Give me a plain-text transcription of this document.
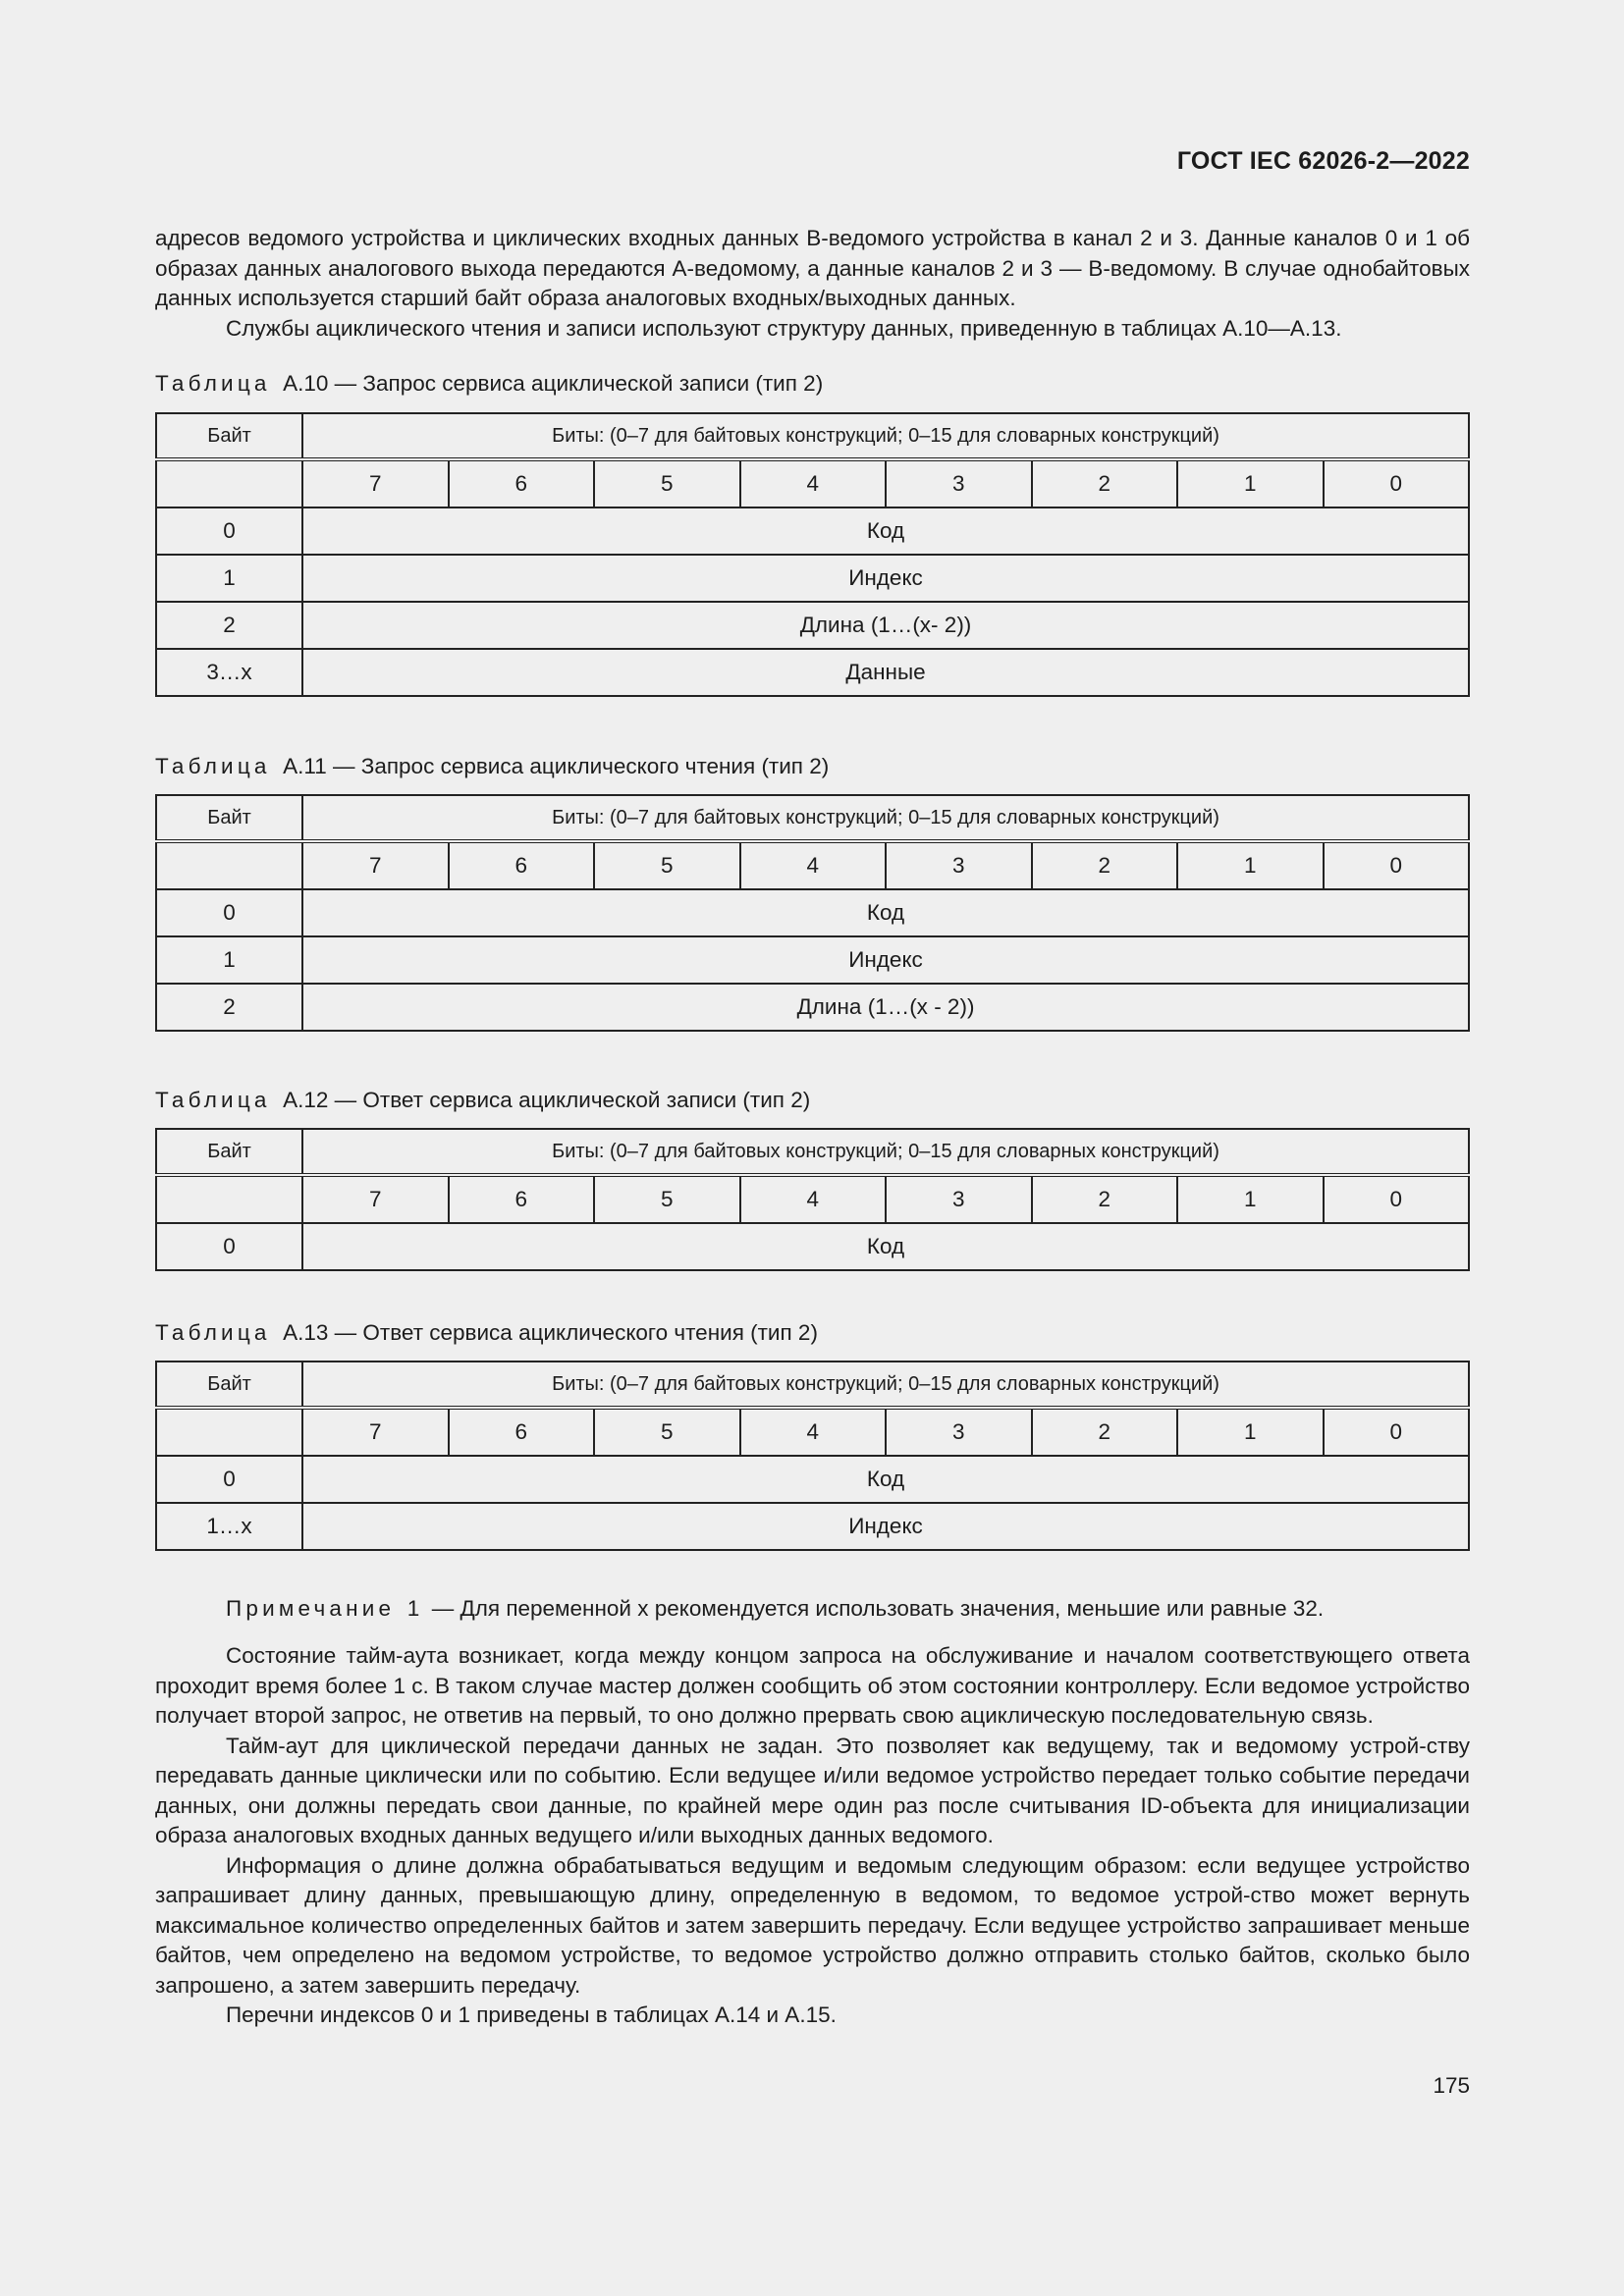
ГОСТ IEC 62026-2—2022

адресов ведомого устройства и циклических входных данных В-ведомого устройства в канал 2 и 3. Данные каналов 0 и 1 об образах данных аналогового выхода передаются А-ведомому, а данные каналов 2 и 3 — В-ведомому. В случае однобайтовых данных используется старший байт образа аналоговых входных/выходных данных.

Службы ациклического чтения и записи используют структуру данных, приведенную в таблицах А.10—А.13.

Таблица А.10 — Запрос сервиса ациклической записи (тип 2)
Байт	Биты: (0–7 для байтовых конструкций; 0–15 для словарных конструкций)							
	7	6	5	4	3	2	1	0
0	Код							
1	Индекс							
2	Длина (1…(х- 2))							
3…x	Данные							
Таблица А.11 — Запрос сервиса ациклического чтения (тип 2)
Байт	Биты: (0–7 для байтовых конструкций; 0–15 для словарных конструкций)							
	7	6	5	4	3	2	1	0
0	Код							
1	Индекс							
2	Длина (1…(х - 2))							
Таблица А.12 — Ответ сервиса ациклической записи (тип 2)
Байт	Биты: (0–7 для байтовых конструкций; 0–15 для словарных конструкций)							
	7	6	5	4	3	2	1	0
0	Код							
Таблица А.13 — Ответ сервиса ациклического чтения (тип 2)
Байт	Биты: (0–7 для байтовых конструкций; 0–15 для словарных конструкций)							
	7	6	5	4	3	2	1	0
0	Код							
1…x	Индекс							

Примечание 1 — Для переменной х рекомендуется использовать значения, меньшие или равные 32.

Состояние тайм-аута возникает, когда между концом запроса на обслуживание и началом соответствующего ответа проходит время более 1 с. В таком случае мастер должен сообщить об этом состоянии контроллеру. Если ведомое устройство получает второй запрос, не ответив на первый, то оно должно прервать свою ациклическую последовательную связь.

Тайм-аут для циклической передачи данных не задан. Это позволяет как ведущему, так и ведомому устрой-ству передавать данные циклически или по событию. Если ведущее и/или ведомое устройство передает только событие передачи данных, они должны передать свои данные, по крайней мере один раз после считывания ID-объекта для инициализации образа аналоговых входных данных ведущего и/или выходных данных ведомого.

Информация о длине должна обрабатываться ведущим и ведомым следующим образом: если ведущее устройство запрашивает длину данных, превышающую длину, определенную в ведомом, то ведомое устрой-ство может вернуть максимальное количество определенных байтов и затем завершить передачу. Если ведущее устройство запрашивает меньше байтов, чем определено на ведомом устройстве, то ведомое устройство должно отправить столько байтов, сколько было запрошено, а затем завершить передачу.

Перечни индексов 0 и 1 приведены в таблицах А.14 и А.15.

175
